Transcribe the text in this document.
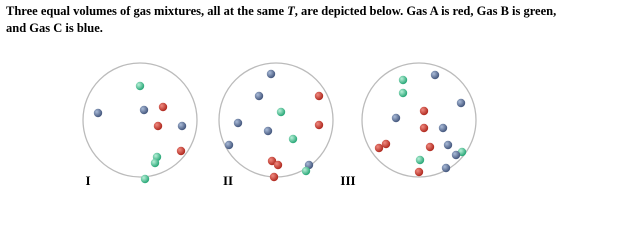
Three equal volumes of gas mixtures, all at the same T, are depicted below. Gas A is red, Gas B is green,
and Gas C is blue.
I	II	III
